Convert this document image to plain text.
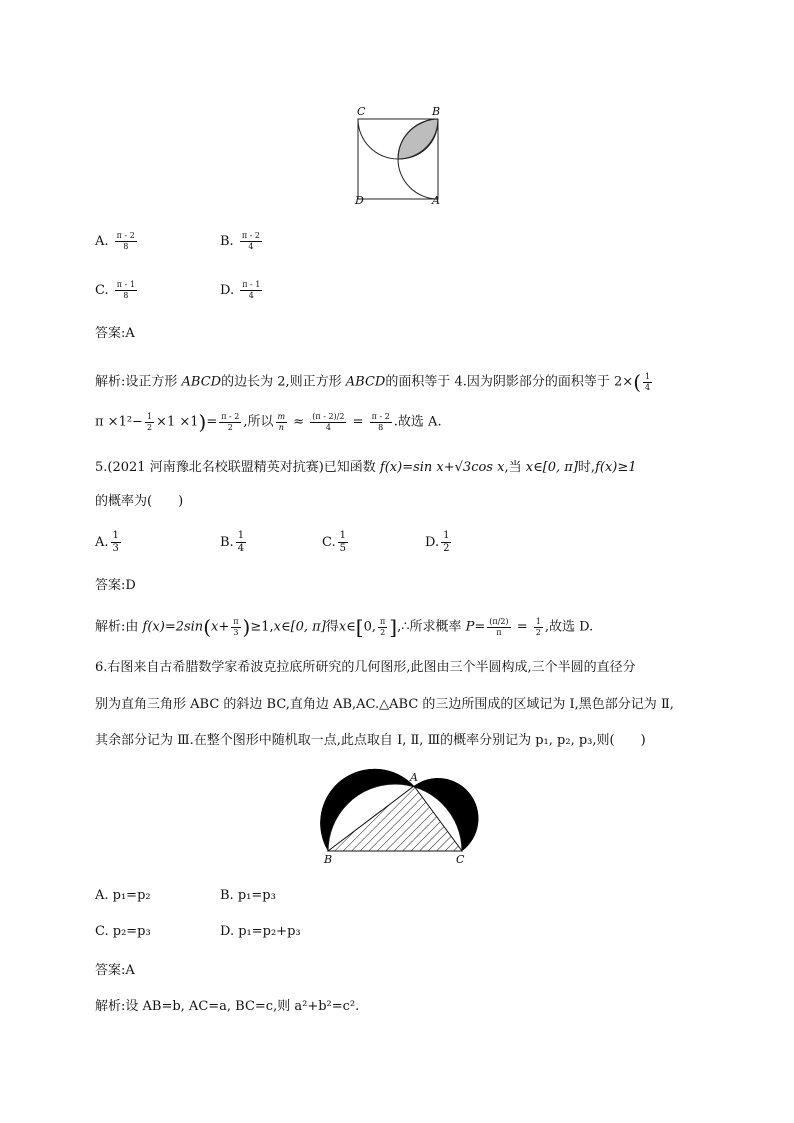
C	B
D	A
A. $\frac{\pi - 2}{8}$	B. $\frac{\pi - 2}{4}$
C. $\frac{\pi - 1}{8}$	D. $\frac{\pi - 1}{4}$
答案:A
解析:设正方形 ABCD的边长为 2,则正方形 ABCD的面积等于 4.因为阴影部分的面积等于 $2\times( \frac{1}{4}$
$\pi \times 1^2- \frac{1}{2} \times 1 \times 1)= \frac{\pi - 2}{2}$ ,所以 $\frac{m}{n} \approx \frac{(\pi - 2)/2}{4} = \frac{\pi - 2}{8}$ .故选 A.
5.(2021 河南豫北名校联盟精英对抗赛)已知函数 f(x)=sin x+√3cos x,当 x∈[0, π]时,f(x)≥1
的概率为(　　)
A. $\frac{1}{3}$	B. $\frac{1}{4}$	C. $\frac{1}{5}$	D. $\frac{1}{2}$
答案:D
解析:由 $f(x)=2\sin(x+ \frac{\pi}{3}$ )≥1,x∈[0, π]得x∈[0, $\frac{\pi}{2}$ ],∴所求概率 $P= \frac{(\pi/2)}{\pi} = \frac{1}{2}$ ,故选 D.
6.右图来自古希腊数学家希波克拉底所研究的几何图形,此图由三个半圆构成,三个半圆的直径分
别为直角三角形 ABC 的斜边 BC,直角边 AB,AC.△ABC 的三边所围成的区域记为 Ⅰ,黑色部分记为 Ⅱ,
其余部分记为 Ⅲ.在整个图形中随机取一点,此点取自 Ⅰ, Ⅱ, Ⅲ的概率分别记为 p₁, p₂, p₃,则(　　)
A
B	C
A. p₁=p₂	B. p₁=p₃
C. p₂=p₃	D. p₁=p₂+p₃
答案:A
解析:设 AB=b, AC=a, BC=c,则 a²+b²=c².
